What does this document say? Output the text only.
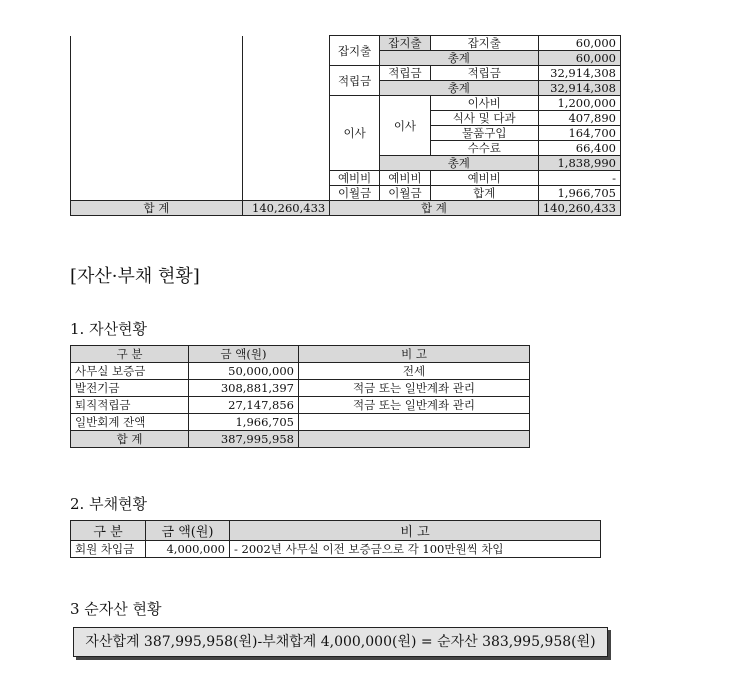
		잡지출	잡지출	잡지출	60,000
			총계		60,000
		적립금	적립금	적립금	32,914,308
			총계		32,914,308
		이사	이사	이사비	1,200,000
				식사 및 다과	407,890
				물품구입	164,700
				수수료	66,400
			총계		1,838,990
		예비비	예비비	예비비	-
		이월금	이월금	합계	1,966,705
합 계	140,260,433	합 계			140,260,433
[자산·부채 현황]
1. 자산현황
구 분	금 액(원)	비 고
사무실 보증금	50,000,000	전세
발전기금	308,881,397	적금 또는 일반계좌 관리
퇴직적립금	27,147,856	적금 또는 일반계좌 관리
일반회계 잔액	1,966,705	
합 계	387,995,958	
2. 부채현황
구 분	금 액(원)	비 고
회원 차입금	4,000,000	- 2002년 사무실 이전 보증금으로 각 100만원씩 차입
3 순자산 현황
자산합계 387,995,958(원)-부채합계 4,000,000(원) = 순자산 383,995,958(원)
